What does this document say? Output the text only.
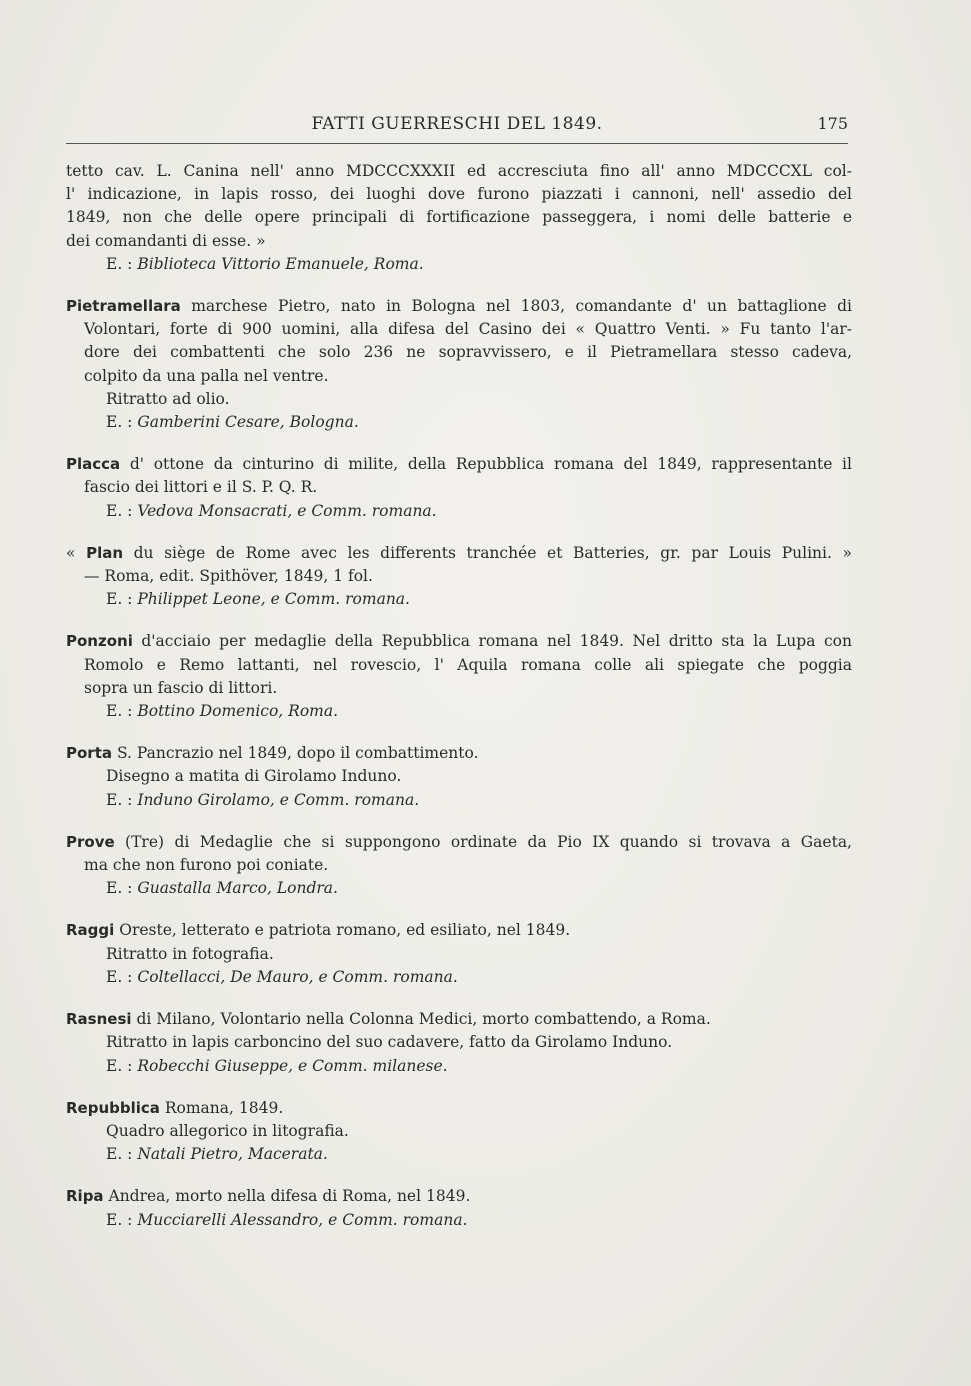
FATTI GUERRESCHI DEL 1849.	175
tetto cav. L. Canina nell' anno MDCCCXXXII ed accresciuta fino all' anno MDCCCXL col-
l' indicazione, in lapis rosso, dei luoghi dove furono piazzati i cannoni, nell' assedio del
1849, non che delle opere principali di fortificazione passeggera, i nomi delle batterie e
dei comandanti di esse. »
E. : Biblioteca Vittorio Emanuele, Roma.
Pietramellara marchese Pietro, nato in Bologna nel 1803, comandante d' un battaglione di
Volontari, forte di 900 uomini, alla difesa del Casino dei « Quattro Venti. » Fu tanto l'ar-
dore dei combattenti che solo 236 ne sopravvissero, e il Pietramellara stesso cadeva,
colpito da una palla nel ventre.
Ritratto ad olio.
E. : Gamberini Cesare, Bologna.
Placca d' ottone da cinturino di milite, della Repubblica romana del 1849, rappresentante il
fascio dei littori e il S. P. Q. R.
E. : Vedova Monsacrati, e Comm. romana.
« Plan du siège de Rome avec les differents tranchée et Batteries, gr. par Louis Pulini. »
— Roma, edit. Spithöver, 1849, 1 fol.
E. : Philippet Leone, e Comm. romana.
Ponzoni d'acciaio per medaglie della Repubblica romana nel 1849. Nel dritto sta la Lupa con
Romolo e Remo lattanti, nel rovescio, l' Aquila romana colle ali spiegate che poggia
sopra un fascio di littori.
E. : Bottino Domenico, Roma.
Porta S. Pancrazio nel 1849, dopo il combattimento.
Disegno a matita di Girolamo Induno.
E. : Induno Girolamo, e Comm. romana.
Prove (Tre) di Medaglie che si suppongono ordinate da Pio IX quando si trovava a Gaeta,
ma che non furono poi coniate.
E. : Guastalla Marco, Londra.
Raggi Oreste, letterato e patriota romano, ed esiliato, nel 1849.
Ritratto in fotografia.
E. : Coltellacci, De Mauro, e Comm. romana.
Rasnesi di Milano, Volontario nella Colonna Medici, morto combattendo, a Roma.
Ritratto in lapis carboncino del suo cadavere, fatto da Girolamo Induno.
E. : Robecchi Giuseppe, e Comm. milanese.
Repubblica Romana, 1849.
Quadro allegorico in litografia.
E. : Natali Pietro, Macerata.
Ripa Andrea, morto nella difesa di Roma, nel 1849.
E. : Mucciarelli Alessandro, e Comm. romana.
